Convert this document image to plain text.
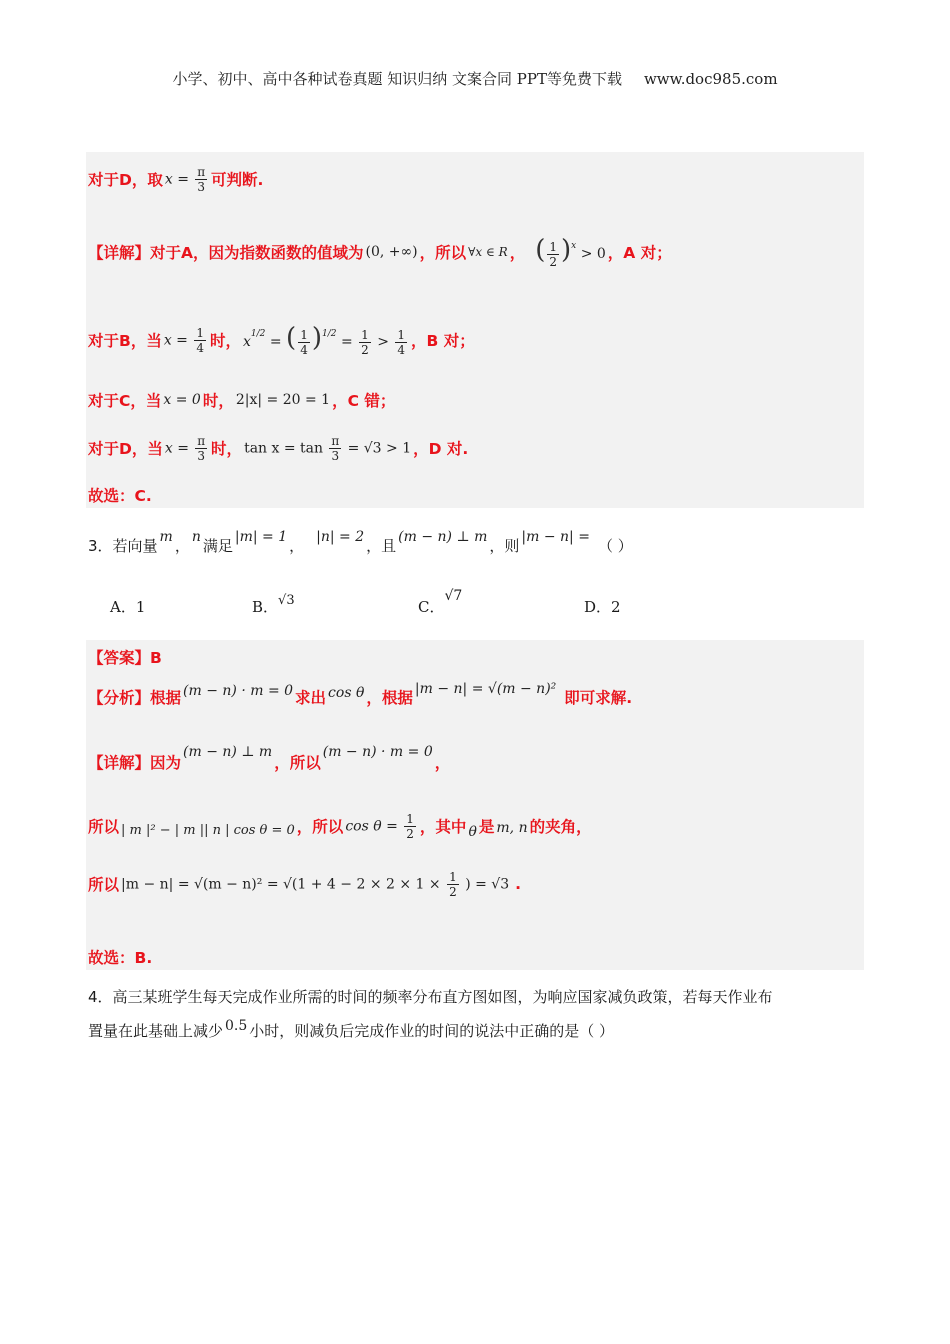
小学、初中、高中各种试卷真题 知识归纳 文案合同 PPT等免费下载 www.doc985.com
对于D，取 $x = \frac{\pi}{3}$ 可判断.
【详解】对于A，因为指数函数的值域为 (0, +∞) ，所以 ∀x ∈ R ， ( $\frac{1}{2} )^x > 0$ ，A 对；
对于B，当 $x = \frac{1}{4}$ 时， $x^{1/2}$ = ( $\frac{1}{4} )^{1/2} = \frac{1}{2} > \frac{1}{4}$ ，B 对；
对于C，当 x = 0 时， 2|x| = 20 = 1 ，C 错；
对于D，当 $x = \frac{\pi}{3}$ 时， $\tan x = \tan \frac{\pi}{3} = √3 > 1$ ，D 对.
故选：C.
3．若向量 m ， n 满足 |m| = 1 ， |n| = 2 ，且 (m − n) ⊥ m ，则 |m − n| = （ ）
A．1	B．√3	C．√7
D．2
【答案】B
【分析】根据 (m − n) · m = 0 求出 cos θ ，根据 |m − n| = √(m − n)² 即可求解.
【详解】因为
(m − n) ⊥ m
，所以
(m − n) · m = 0
，
所以 | m |² − | m || n | cos θ = 0 ，所以 $\cos \theta = \frac{1}{2}$ ，其中 θ 是 m, n 的夹角，
所以 $|m - n| = √(m - n)^2 = √(1 + 4 - 2 \times 2 \times 1 \times \frac{1}{2}$ ) = √3 .
故选：B.
4．高三某班学生每天完成作业所需的时间的频率分布直方图如图，为响应国家减负政策，若每天作业布
置量在此基础上减少 0.5 小时，则减负后完成作业的时间的说法中正确的是（ ）
